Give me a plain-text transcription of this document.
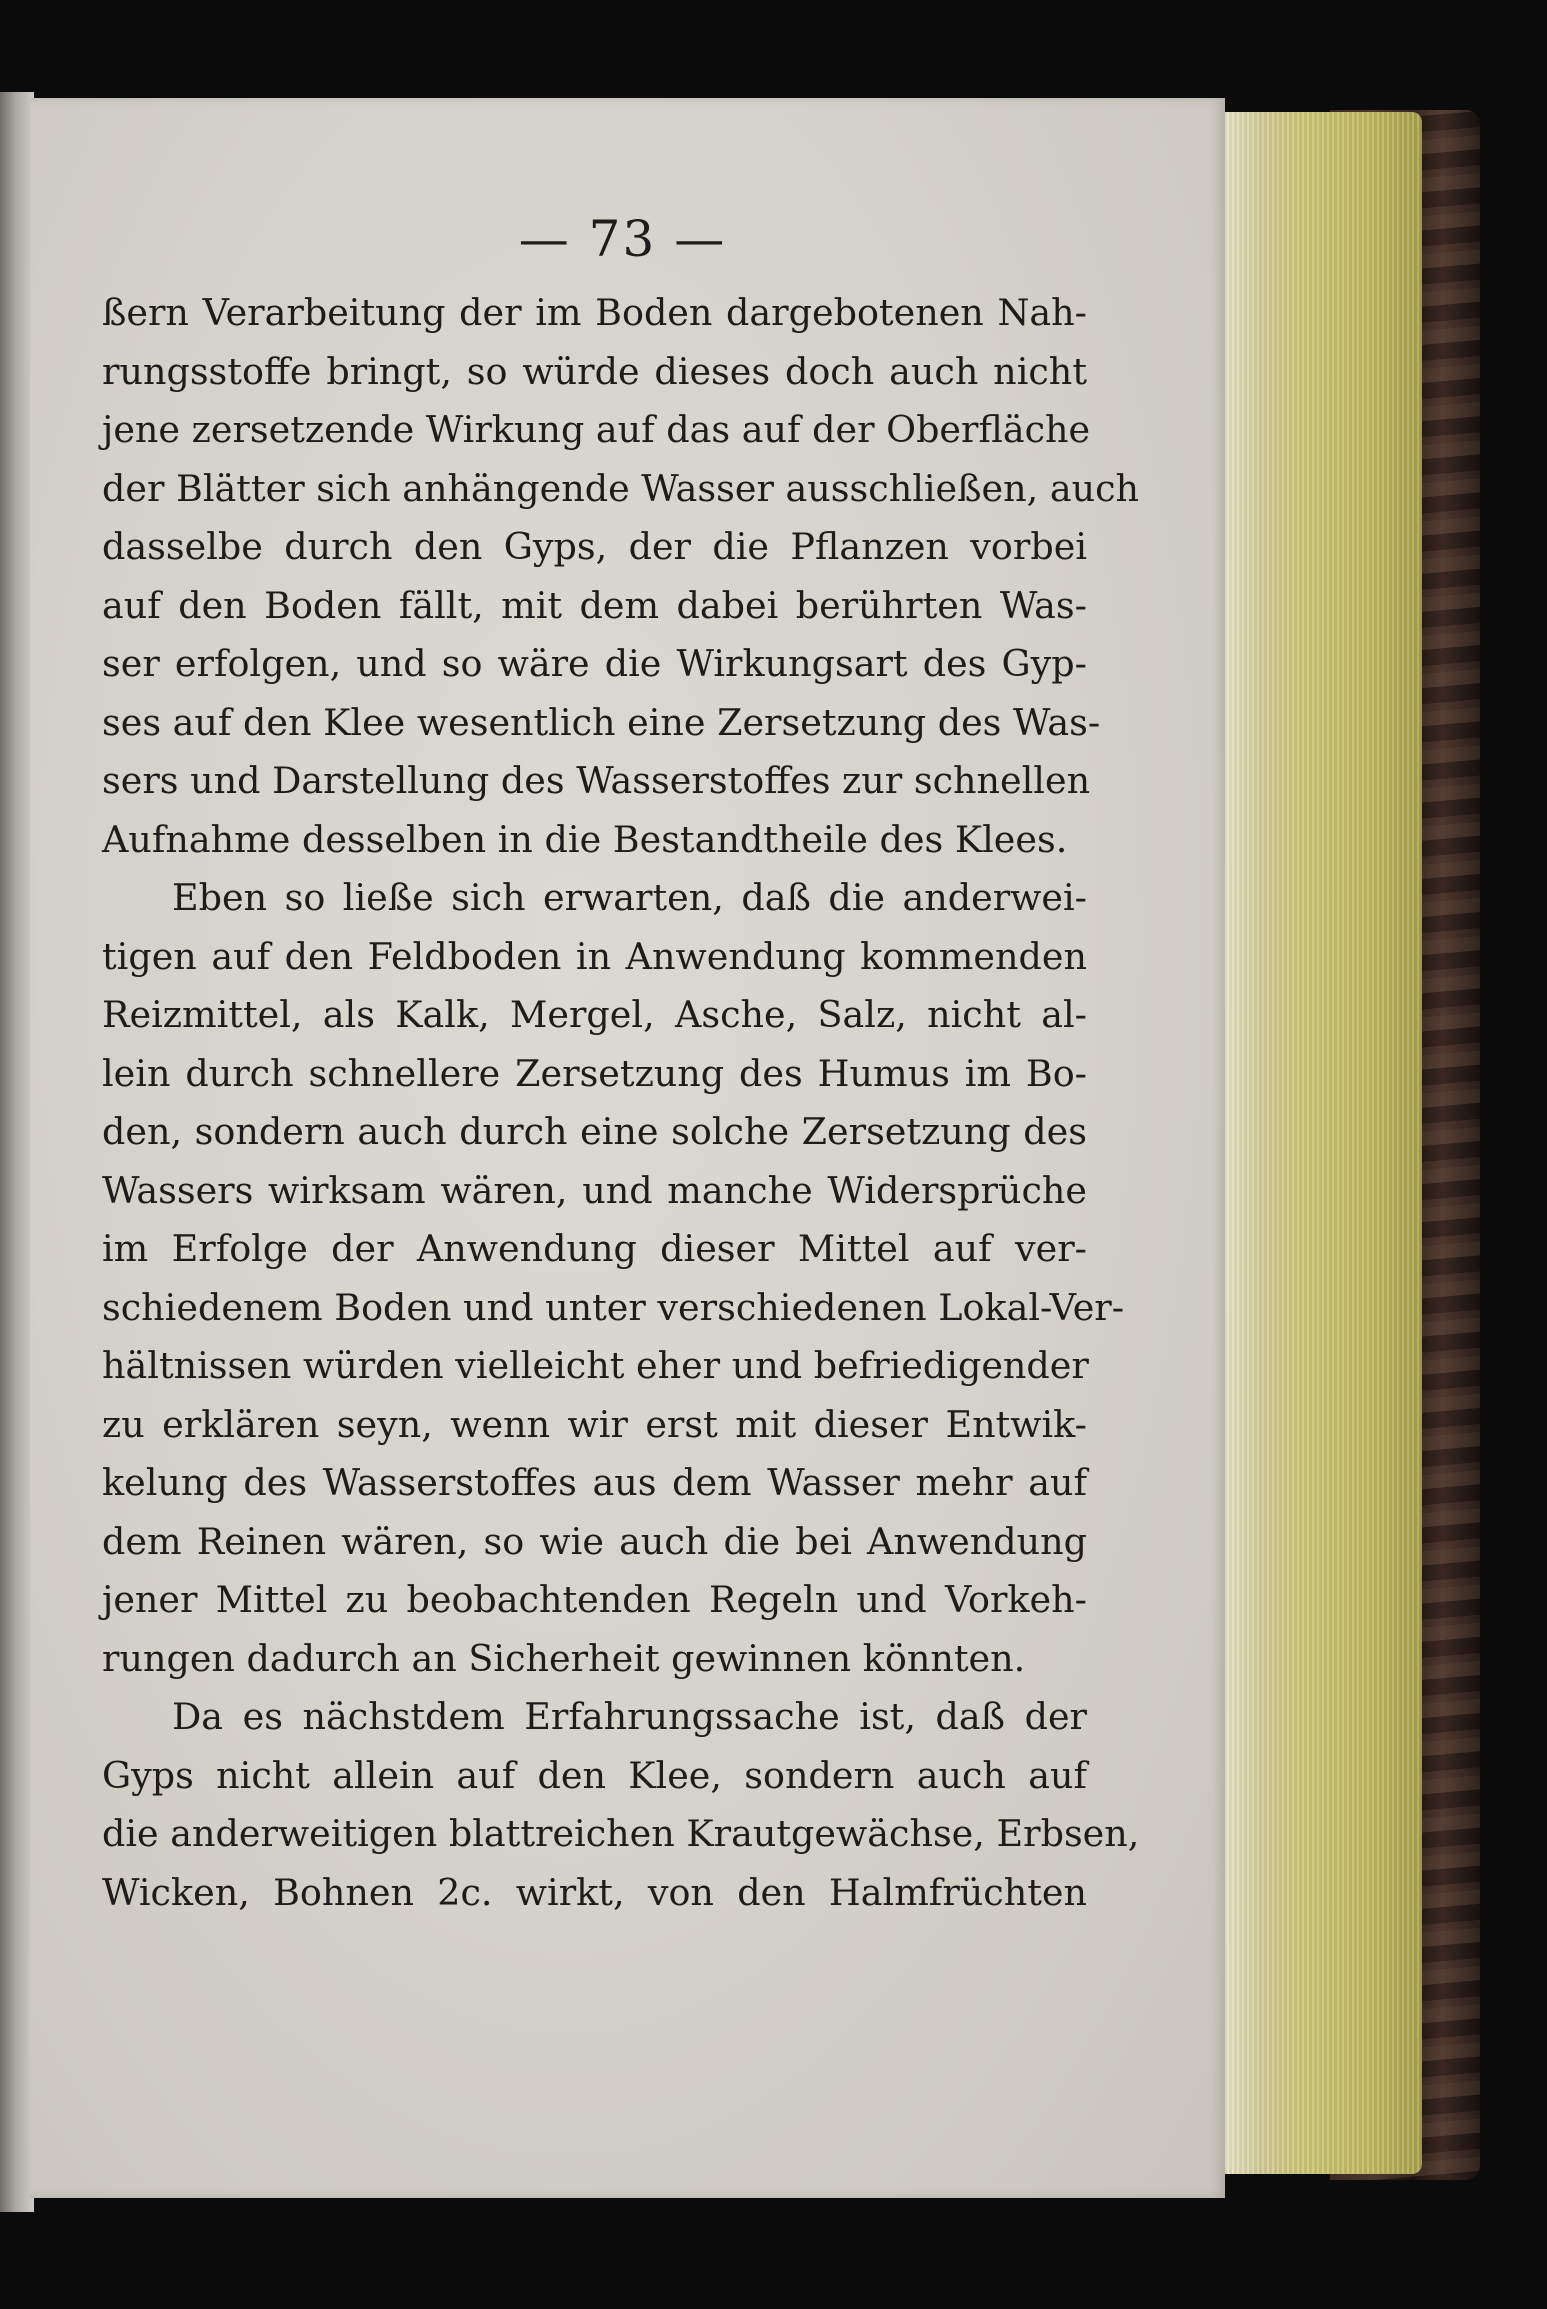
— 73 —
ßern Verarbeitung der im Boden dargebotenen Nah-
rungsstoffe bringt, so würde dieses doch auch nicht
jene zersetzende Wirkung auf das auf der Oberfläche
der Blätter sich anhängende Wasser ausschließen, auch
dasselbe durch den Gyps, der die Pflanzen vorbei
auf den Boden fällt, mit dem dabei berührten Was-
ser erfolgen, und so wäre die Wirkungsart des Gyp-
ses auf den Klee wesentlich eine Zersetzung des Was-
sers und Darstellung des Wasserstoffes zur schnellen
Aufnahme desselben in die Bestandtheile des Klees.
Eben so ließe sich erwarten, daß die anderwei-
tigen auf den Feldboden in Anwendung kommenden
Reizmittel, als Kalk, Mergel, Asche, Salz, nicht al-
lein durch schnellere Zersetzung des Humus im Bo-
den, sondern auch durch eine solche Zersetzung des
Wassers wirksam wären, und manche Widersprüche
im Erfolge der Anwendung dieser Mittel auf ver-
schiedenem Boden und unter verschiedenen Lokal-Ver-
hältnissen würden vielleicht eher und befriedigender
zu erklären seyn, wenn wir erst mit dieser Entwik-
kelung des Wasserstoffes aus dem Wasser mehr auf
dem Reinen wären, so wie auch die bei Anwendung
jener Mittel zu beobachtenden Regeln und Vorkeh-
rungen dadurch an Sicherheit gewinnen könnten.
Da es nächstdem Erfahrungssache ist, daß der
Gyps nicht allein auf den Klee, sondern auch auf
die anderweitigen blattreichen Krautgewächse, Erbsen,
Wicken, Bohnen 2c. wirkt, von den Halmfrüchten
